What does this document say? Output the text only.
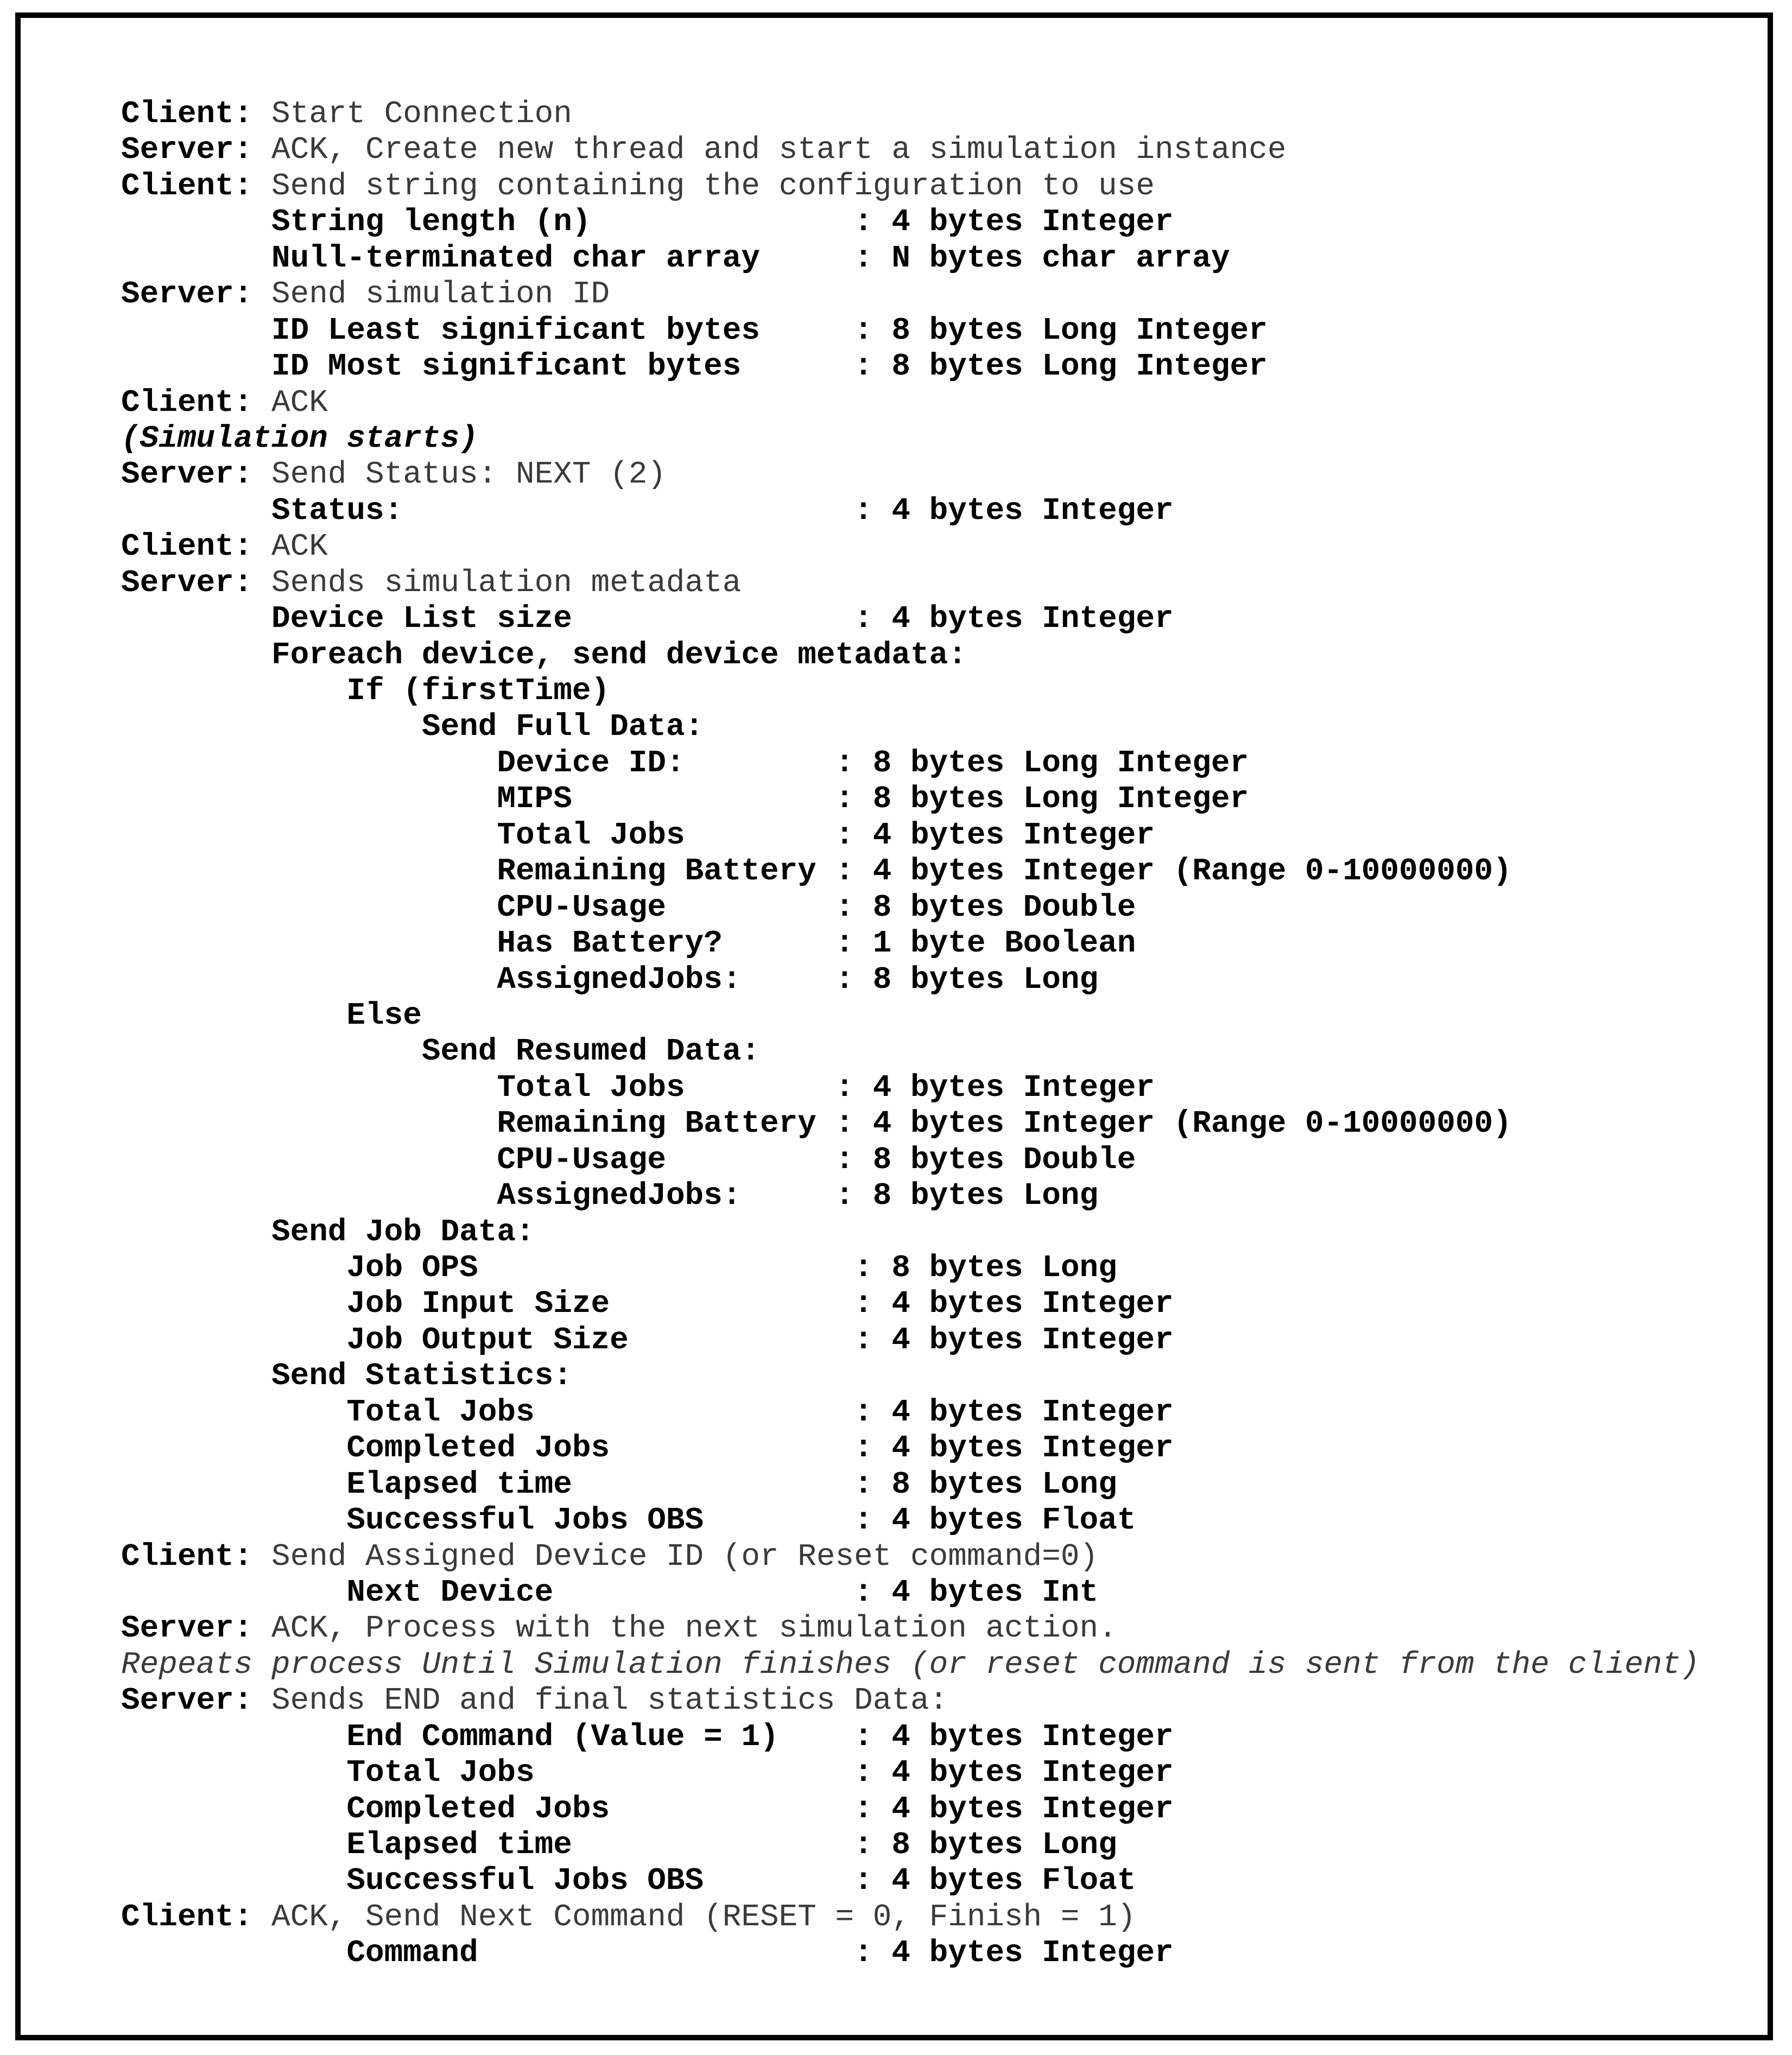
Client: Start Connection
Server: ACK, Create new thread and start a simulation instance
Client: Send string containing the configuration to use
String length (n)              : 4 bytes Integer
Null-terminated char array     : N bytes char array
Server: Send simulation ID
ID Least significant bytes     : 8 bytes Long Integer
ID Most significant bytes      : 8 bytes Long Integer
Client: ACK
(Simulation starts)
Server: Send Status: NEXT (2)
Status:                        : 4 bytes Integer
Client: ACK
Server: Sends simulation metadata
Device List size               : 4 bytes Integer
Foreach device, send device metadata:
If (firstTime)
Send Full Data:
Device ID:        : 8 bytes Long Integer
MIPS              : 8 bytes Long Integer
Total Jobs        : 4 bytes Integer
Remaining Battery : 4 bytes Integer (Range 0-10000000)
CPU-Usage         : 8 bytes Double
Has Battery?      : 1 byte Boolean
AssignedJobs:     : 8 bytes Long
Else
Send Resumed Data:
Total Jobs        : 4 bytes Integer
Remaining Battery : 4 bytes Integer (Range 0-10000000)
CPU-Usage         : 8 bytes Double
AssignedJobs:     : 8 bytes Long
Send Job Data:
Job OPS                    : 8 bytes Long
Job Input Size             : 4 bytes Integer
Job Output Size            : 4 bytes Integer
Send Statistics:
Total Jobs                 : 4 bytes Integer
Completed Jobs             : 4 bytes Integer
Elapsed time               : 8 bytes Long
Successful Jobs OBS        : 4 bytes Float
Client: Send Assigned Device ID (or Reset command=0)
Next Device                : 4 bytes Int
Server: ACK, Process with the next simulation action.
Repeats process Until Simulation finishes (or reset command is sent from the client)
Server: Sends END and final statistics Data:
End Command (Value = 1)    : 4 bytes Integer
Total Jobs                 : 4 bytes Integer
Completed Jobs             : 4 bytes Integer
Elapsed time               : 8 bytes Long
Successful Jobs OBS        : 4 bytes Float
Client: ACK, Send Next Command (RESET = 0, Finish = 1)
Command                    : 4 bytes Integer
